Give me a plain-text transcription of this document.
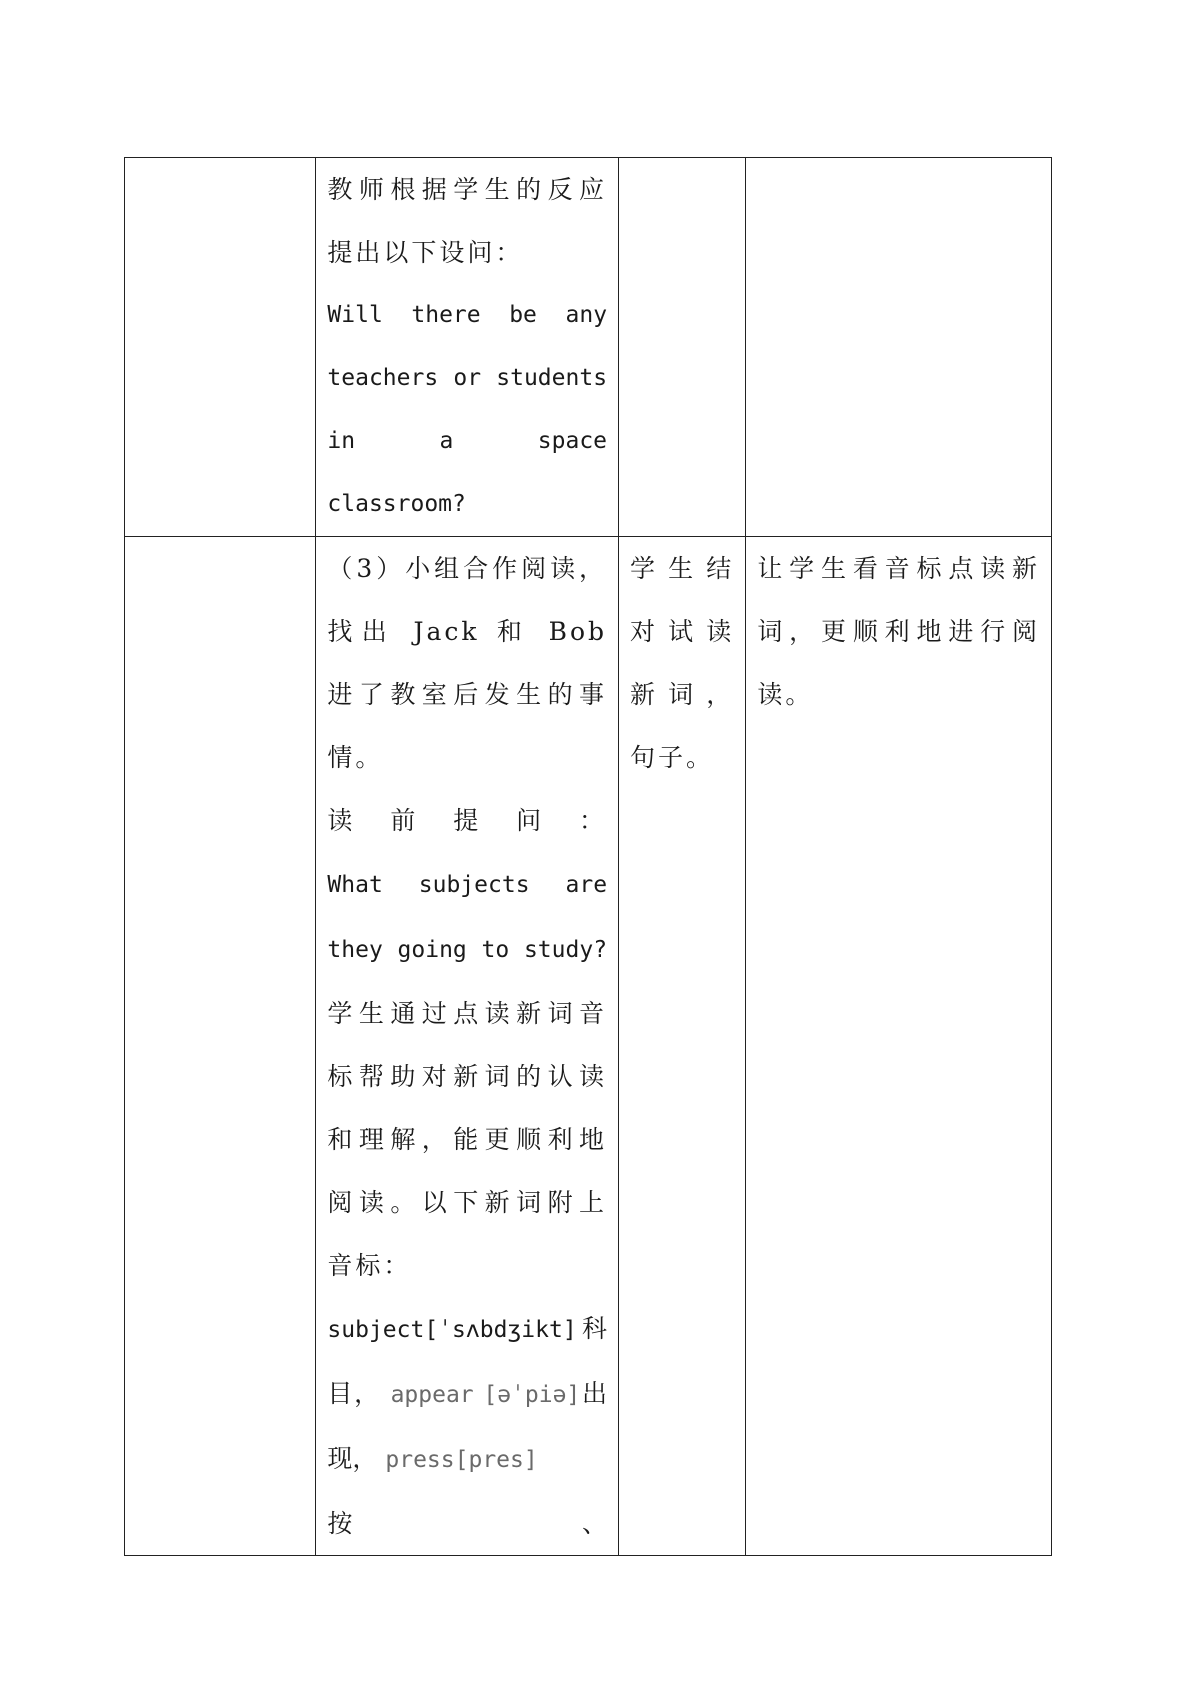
	教师根据学生的反应提出以下设问：
Will there be any teachers or students in a space classroom?		

	（3）小组合作阅读，找出 Jack 和 Bob 进了教室后发生的事情。
读前提问：
What subjects are they going to study? 学生通过点读新词音标帮助对新词的认读和理解，能更顺利地阅读。以下新词附上音标：
subject[ˈsʌbdʒikt]科目， appear [əˈpiə]出现， press[pres]
按 、	学生结对试读新词，句子。	让学生看音标点读新词，更顺利地进行阅读。
